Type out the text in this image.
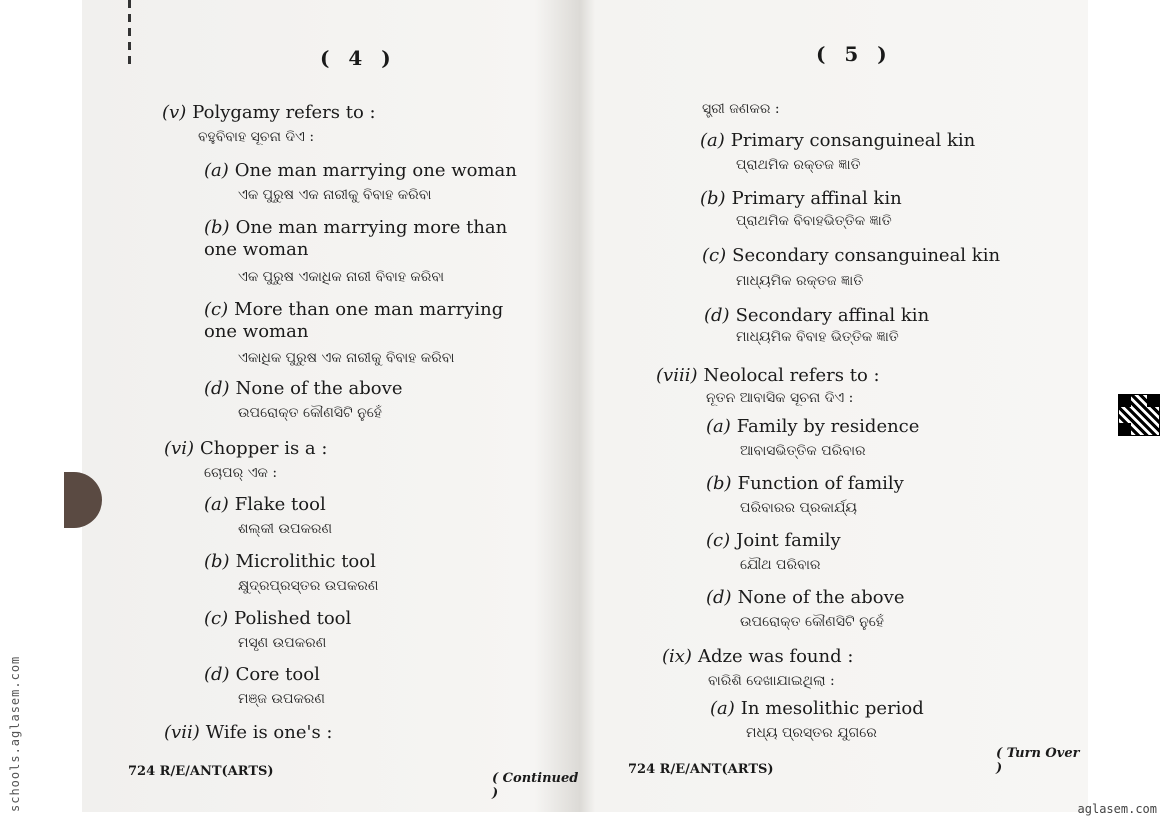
( 4 )
(v) Polygamy refers to :
ବହୁବିବାହ ସୂଚନା ଦିଏ :
(a) One man marrying one woman
ଏକ ପୁରୁଷ ଏକ ନାରୀକୁ ବିବାହ କରିବା
(b) One man marrying more than one woman
ଏକ ପୁରୁଷ ଏକାଧିକ ନାରୀ ବିବାହ କରିବା
(c) More than one man marrying one woman
ଏକାଧିକ ପୁରୁଷ ଏକ ନାରୀକୁ ବିବାହ କରିବା
(d) None of the above
ଉପରୋକ୍ତ କୌଣସିଟି ନୁହେଁ
(vi) Chopper is a :
ଚୋପର୍ ଏକ :
(a) Flake tool
ଶଲ୍‌କୀ ଉପକରଣ
(b) Microlithic tool
କ୍ଷୁଦ୍ରପ୍ରସ୍ତର ଉପକରଣ
(c) Polished tool
ମସୃଣ ଉପକରଣ
(d) Core tool
ମଞ୍ଜ ଉପକରଣ
(vii) Wife is one's :
724 R/E/ANT(ARTS)	( Continued )
( 5 )
ସ୍ତ୍ରୀ ଜଣକର :
(a) Primary consanguineal kin
ପ୍ରାଥମିକ ରକ୍ତଜ ଜ୍ଞାତି
(b) Primary affinal kin
ପ୍ରାଥମିକ ବିବାହଭିତ୍ତିକ ଜ୍ଞାତି
(c) Secondary consanguineal kin
ମାଧ୍ୟମିକ ରକ୍ତଜ ଜ୍ଞାତି
(d) Secondary affinal kin
ମାଧ୍ୟମିକ ବିବାହ ଭିତ୍ତିକ ଜ୍ଞାତି
(viii) Neolocal refers to :
ନୂତନ ଆବାସିକ ସୂଚନା ଦିଏ :
(a) Family by residence
ଆବାସଭିତ୍ତିକ ପରିବାର
(b) Function of family
ପରିବାରର ପ୍ରକାର୍ଯ୍ୟ
(c) Joint family
ଯୌଥ ପରିବାର
(d) None of the above
ଉପରୋକ୍ତ କୌଣସିଟି ନୁହେଁ
(ix) Adze was found :
ବାରିଶି ଦେଖାଯାଇଥିଲା :
(a) In mesolithic period
ମଧ୍ୟ ପ୍ରସ୍ତର ଯୁଗରେ
724 R/E/ANT(ARTS)
( Turn Over )
schools.aglasem.com	aglasem.com
